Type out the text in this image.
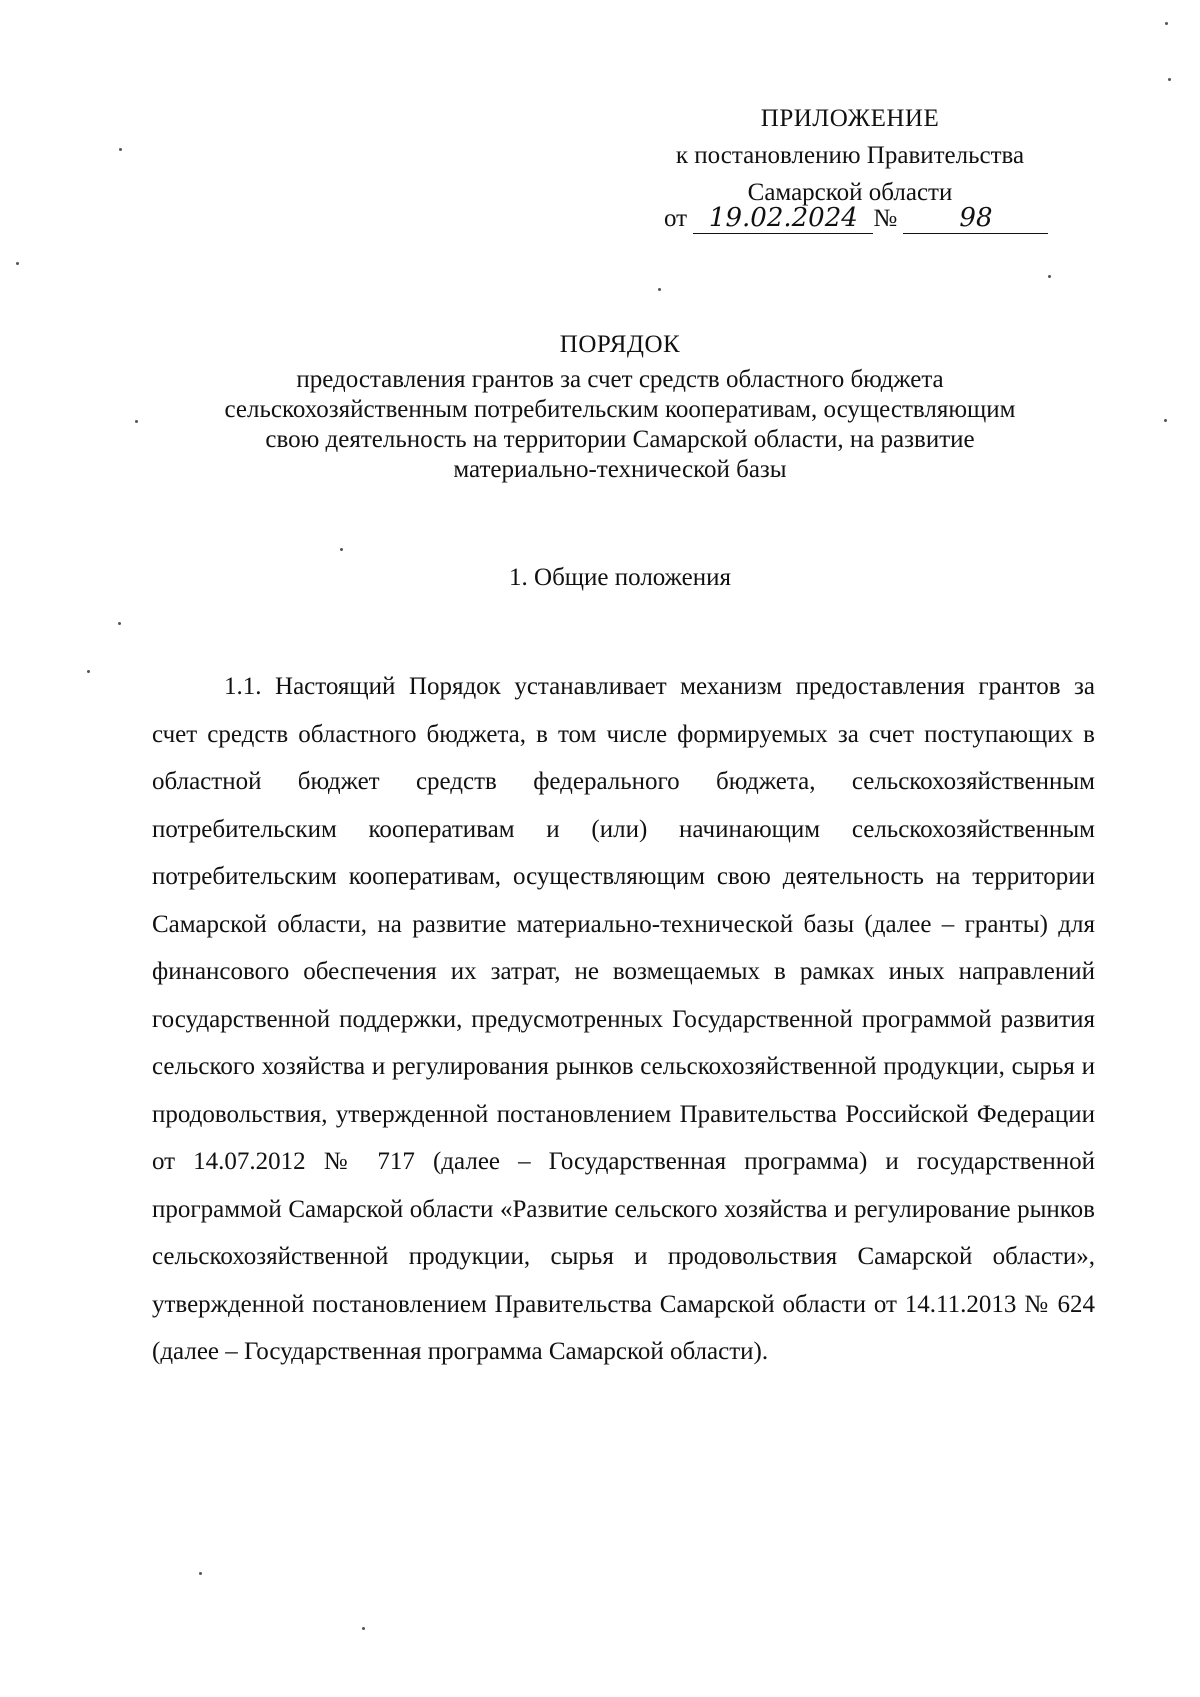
ПРИЛОЖЕНИЕ
к постановлению Правительства
Самарской области
от 19.02.2024 № 98
ПОРЯДОК
предоставления грантов за счет средств областного бюджета
сельскохозяйственным потребительским кооперативам, осуществляющим
свою деятельность на территории Самарской области, на развитие
материально-технической базы
1. Общие положения

1.1. Настоящий Порядок устанавливает механизм предоставления грантов за счет средств областного бюджета, в том числе формируемых за счет поступающих в областной бюджет средств федерального бюджета, сельскохозяйственным потребительским кооперативам и (или) начинающим сельскохозяйственным потребительским кооперативам, осуществляющим свою деятельность на территории Самарской области, на развитие материально-технической базы (далее – гранты) для финансового обеспечения их затрат, не возмещаемых в рамках иных направлений государственной поддержки, предусмотренных Государственной программой развития сельского хозяйства и регулирования рынков сельскохозяйственной продукции, сырья и продовольствия, утвержденной постановлением Правительства Российской Федерации от 14.07.2012 № 717 (далее – Государственная программа) и государственной программой Самарской области «Развитие сельского хозяйства и регулирование рынков сельскохозяйственной продукции, сырья и продовольствия Самарской области», утвержденной постановлением Правительства Самарской области от 14.11.2013 № 624 (далее – Государственная программа Самарской области).
